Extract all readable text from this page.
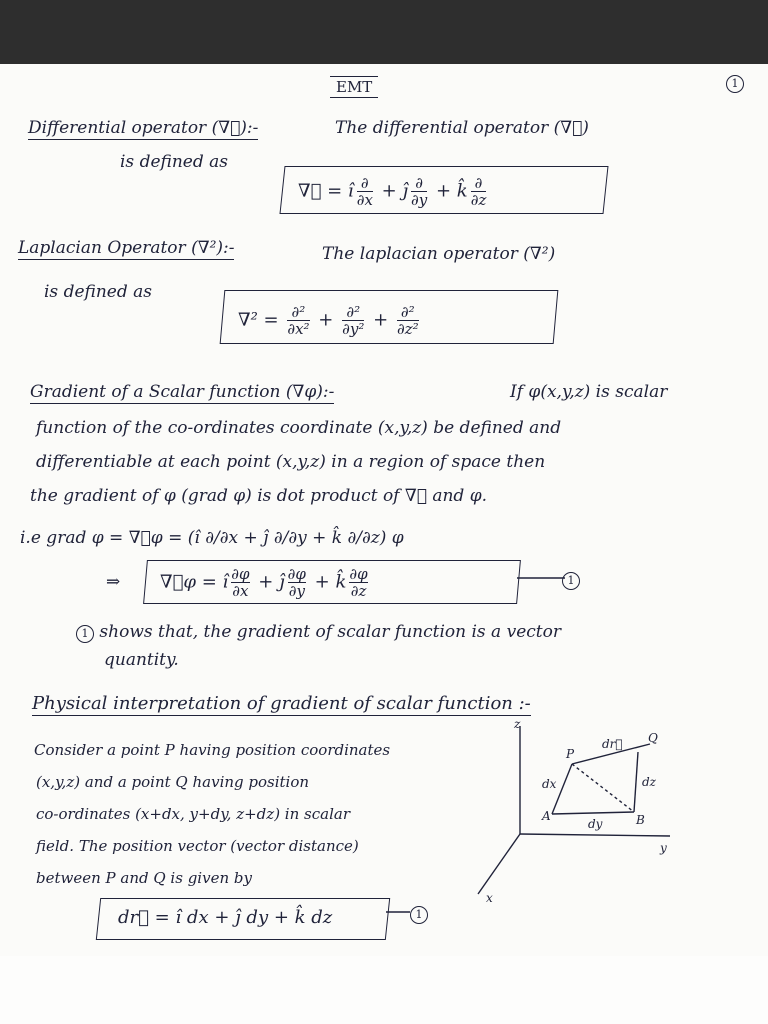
EMT	1

Differential operator (∇⃗):-	The differential operator (∇⃗)

is defined as

∇⃗ = î $\frac{\partial}{\partial x}$ + ĵ $\frac{\partial}{\partial y}$ + k̂ $\frac{\partial}{\partial z}$

Laplacian Operator (∇²):-	The laplacian operator (∇²)

is defined as

$\nabla^2 = \frac{\text{∂²}}{\text{∂x²}} + \frac{\text{∂²}}{\text{∂y²}} + \frac{\text{∂²}}{\text{∂z²}}$

Gradient of a Scalar function (∇φ):-	If φ(x,y,z) is scalar

function of the co-ordinates coordinate (x,y,z) be defined and

differentiable at each point (x,y,z) in a region of space then

the gradient of φ (grad φ) is dot product of ∇⃗ and φ.

i.e grad φ = ∇⃗φ = (î ∂/∂x + ĵ ∂/∂y + k̂ ∂/∂z) φ

⇒ ∇⃗φ = î $\frac{\partial\varphi}{\partial x}$ + ĵ $\frac{\partial\varphi}{\partial y}$ + k̂ $\frac{\partial\varphi}{\partial z}$	1

1 shows that, the gradient of scalar function is a vector

quantity.

Physical interpretation of gradient of scalar function :-

Consider a point P having position coordinates

(x,y,z) and a point Q having position

co-ordinates (x+dx, y+dy, z+dz) in scalar

field. The position vector (vector distance)

between P and Q is given by

dr⃗ = î dx + ĵ dy + k̂ dz	1

z
y
x
P
Q
A	B
dr⃗
dx
dy
dz
